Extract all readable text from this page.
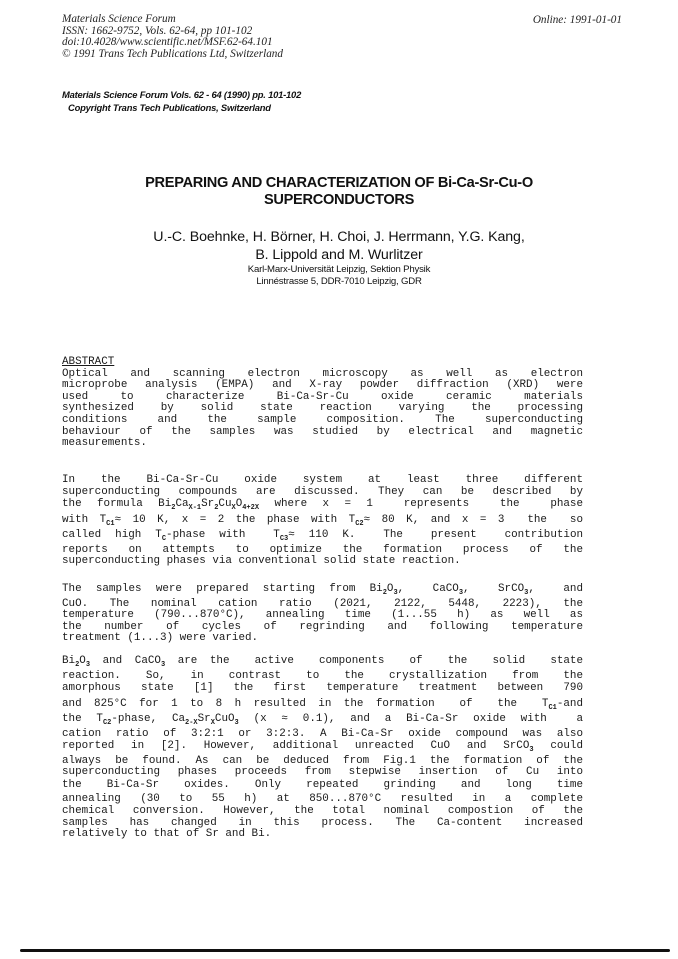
Materials Science Forum
ISSN: 1662-9752, Vols. 62-64, pp 101-102
doi:10.4028/www.scientific.net/MSF.62-64.101
© 1991 Trans Tech Publications Ltd, Switzerland
Online: 1991-01-01
Materials Science Forum Vols. 62 - 64 (1990) pp. 101-102
Copyright Trans Tech Publications, Switzerland
PREPARING AND CHARACTERIZATION OF Bi-Ca-Sr-Cu-O
SUPERCONDUCTORS
U.-C. Boehnke, H. Börner, H. Choi, J. Herrmann, Y.G. Kang,
B. Lippold and M. Wurlitzer
Karl-Marx-Universität Leipzig, Sektion Physik
Linnéstrasse 5, DDR-7010 Leipzig, GDR
ABSTRACT
Optical and scanning electron microscopy as well as electron
microprobe analysis (EMPA) and X-ray powder diffraction (XRD) were
used to characterize Bi-Ca-Sr-Cu oxide ceramic materials
synthesized by solid state reaction varying the processing
conditions and the sample composition. The superconducting
behaviour of the samples was studied by electrical and magnetic
measurements.
In the Bi-Ca-Sr-Cu oxide system at least three different
superconducting compounds are discussed. They can be described by
the formula $Bi_2Ca_{X-1}Sr_2Cu_XO_{4+2X}$ where x = 1  represents  the  phase
with $T_{C1}\approx 10$ K, x = 2 the phase with $T_{C2}\approx 80$ K, and x = 3  the  so
called high $T_C$-phase with  $T_{C3}\approx 110$ K.  The  present  contribution
reports on attempts to optimize the formation process of the
superconducting phases via conventional solid state reaction.
The samples were prepared starting from $Bi_2O_3$,  CaCO$_3$,  SrCO$_3$,  and
CuO. The nominal cation ratio (2021, 2122, 5448, 2223), the
temperature (790...870°C), annealing time (1...55 h) as well as
the number of cycles of regrinding and following temperature
treatment (1...3) were varied.
$Bi_2O_3$ and CaCO$_3$ are the  active  components  of  the  solid  state
reaction. So, in contrast to the crystallization from the
amorphous state [1] the first temperature treatment between 790
and 825°C for 1 to 8 h resulted in the formation  of  the  $T_{C1}$-and
the $T_{C2}$-phase, $Ca_{2-X}Sr_XCuO_3$ (x ≈ 0.1), and a Bi-Ca-Sr oxide with  a
cation ratio of 3:2:1 or 3:2:3. A Bi-Ca-Sr oxide compound was also
reported in [2]. However, additional unreacted CuO and SrCO$_3$ could
always be found. As can be deduced from Fig.1 the formation of the
superconducting phases proceeds from stepwise insertion of Cu into
the Bi-Ca-Sr oxides. Only repeated grinding and long time
annealing (30 to 55 h) at 850...870°C resulted in a complete
chemical conversion. However, the total nominal compostion of the
samples has changed in this process. The Ca-content increased
relatively to that of Sr and Bi.
